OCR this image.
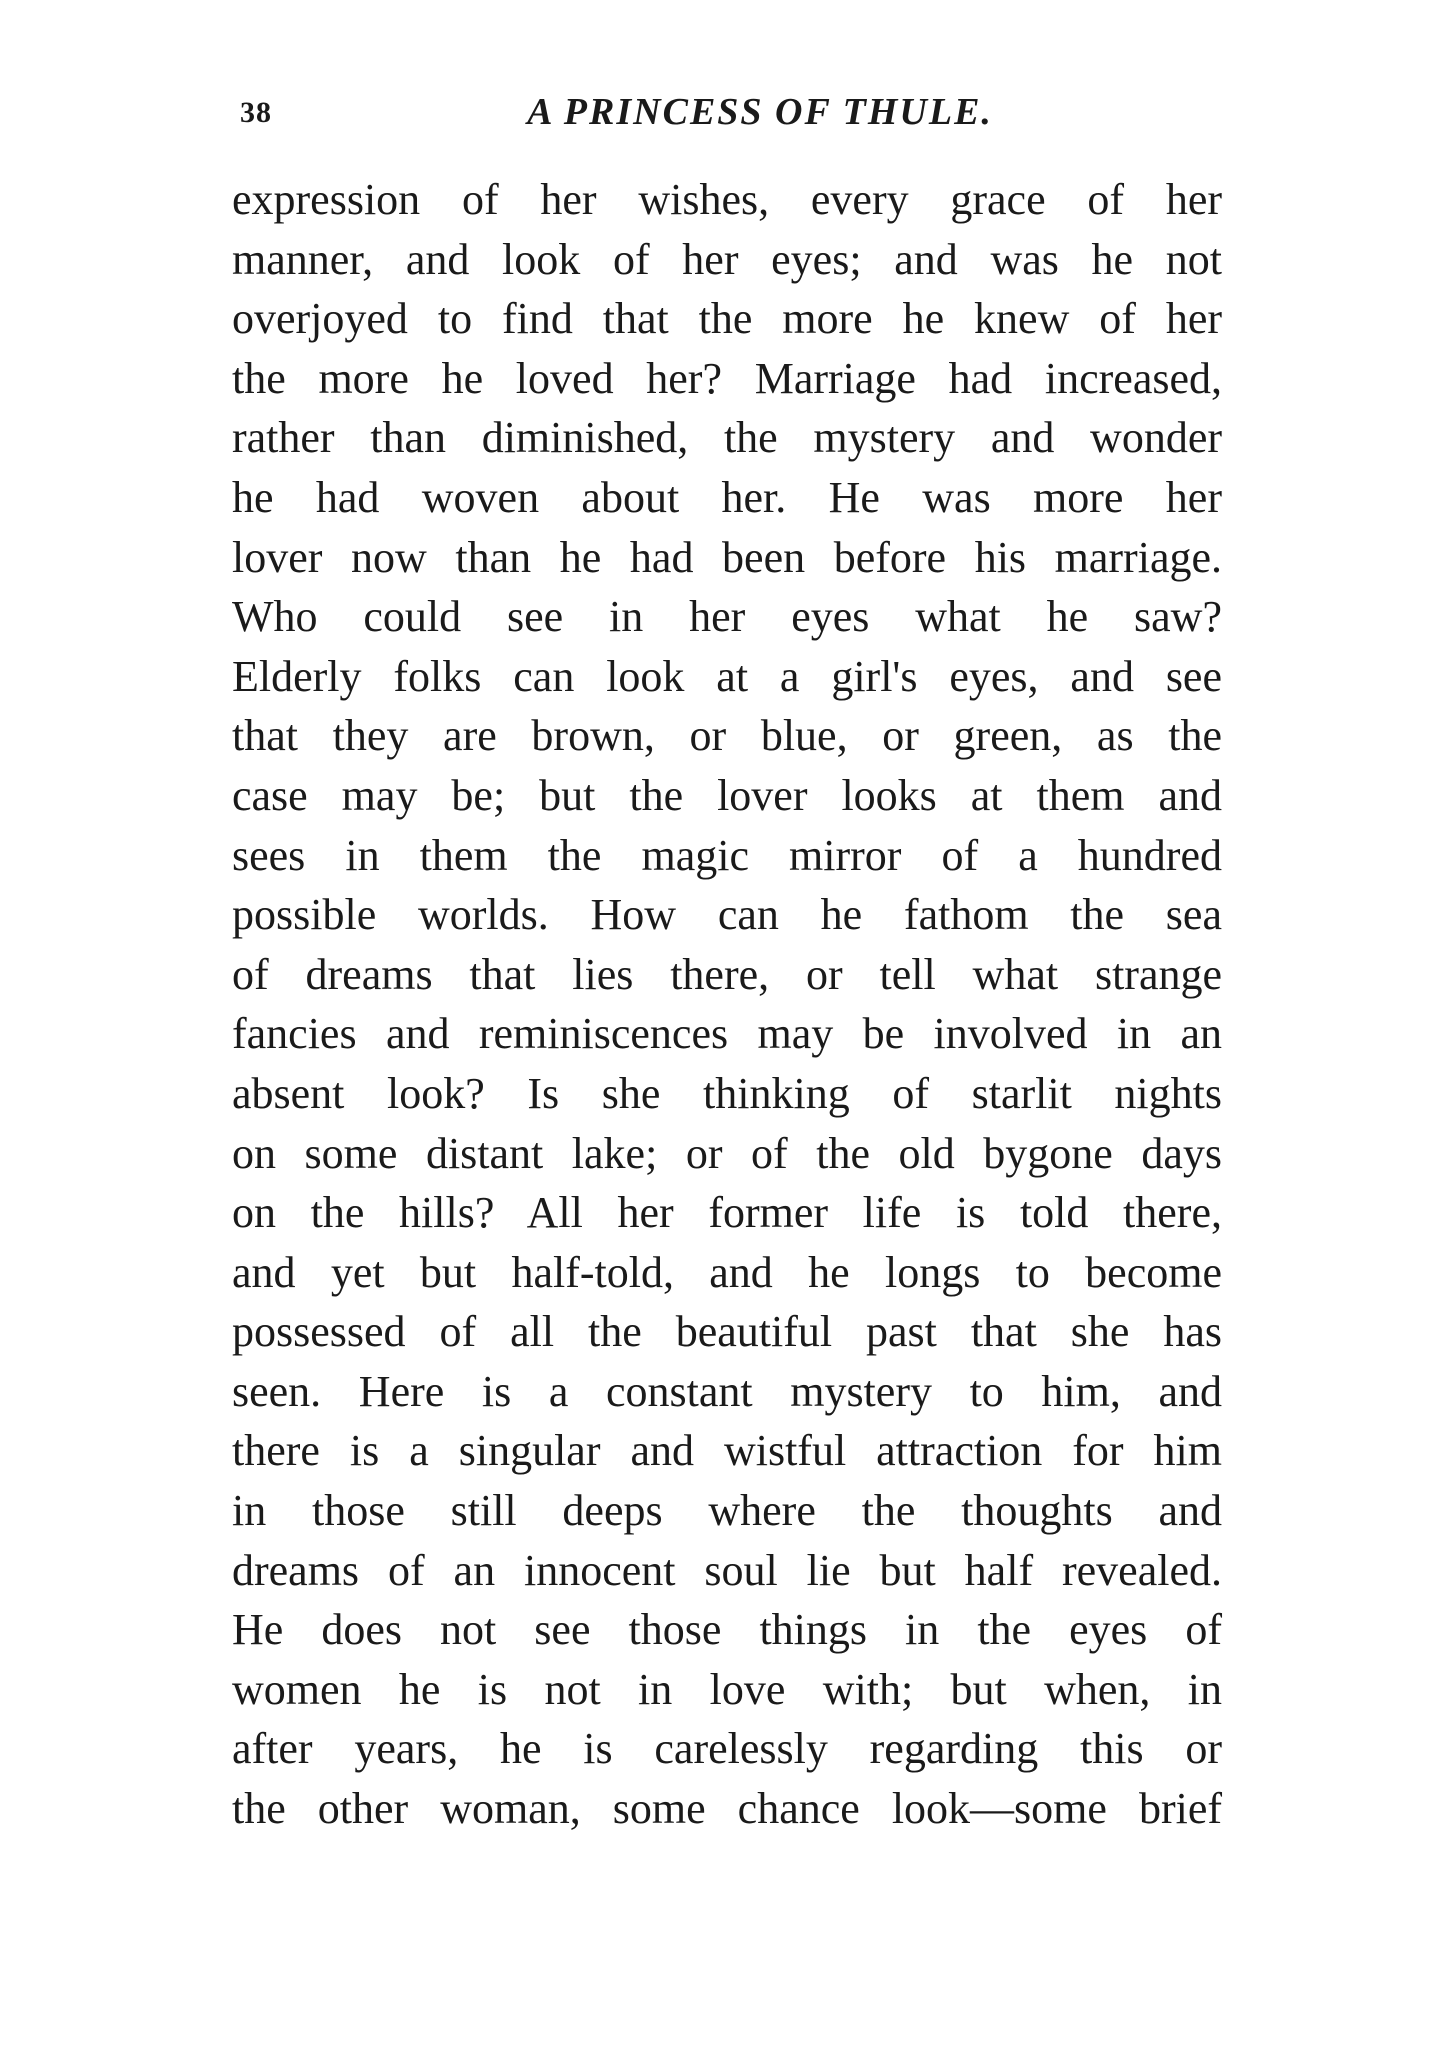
38	A PRINCESS OF THULE.
expression of her wishes, every grace of her
manner, and look of her eyes; and was he not
overjoyed to find that the more he knew of her
the more he loved her? Marriage had increased,
rather than diminished, the mystery and wonder
he had woven about her. He was more her
lover now than he had been before his marriage.
Who could see in her eyes what he saw?
Elderly folks can look at a girl's eyes, and see
that they are brown, or blue, or green, as the
case may be; but the lover looks at them and
sees in them the magic mirror of a hundred
possible worlds. How can he fathom the sea
of dreams that lies there, or tell what strange
fancies and reminiscences may be involved in an
absent look? Is she thinking of starlit nights
on some distant lake; or of the old bygone days
on the hills? All her former life is told there,
and yet but half-told, and he longs to become
possessed of all the beautiful past that she has
seen. Here is a constant mystery to him, and
there is a singular and wistful attraction for him
in those still deeps where the thoughts and
dreams of an innocent soul lie but half revealed.
He does not see those things in the eyes of
women he is not in love with; but when, in
after years, he is carelessly regarding this or
the other woman, some chance look—some brief
